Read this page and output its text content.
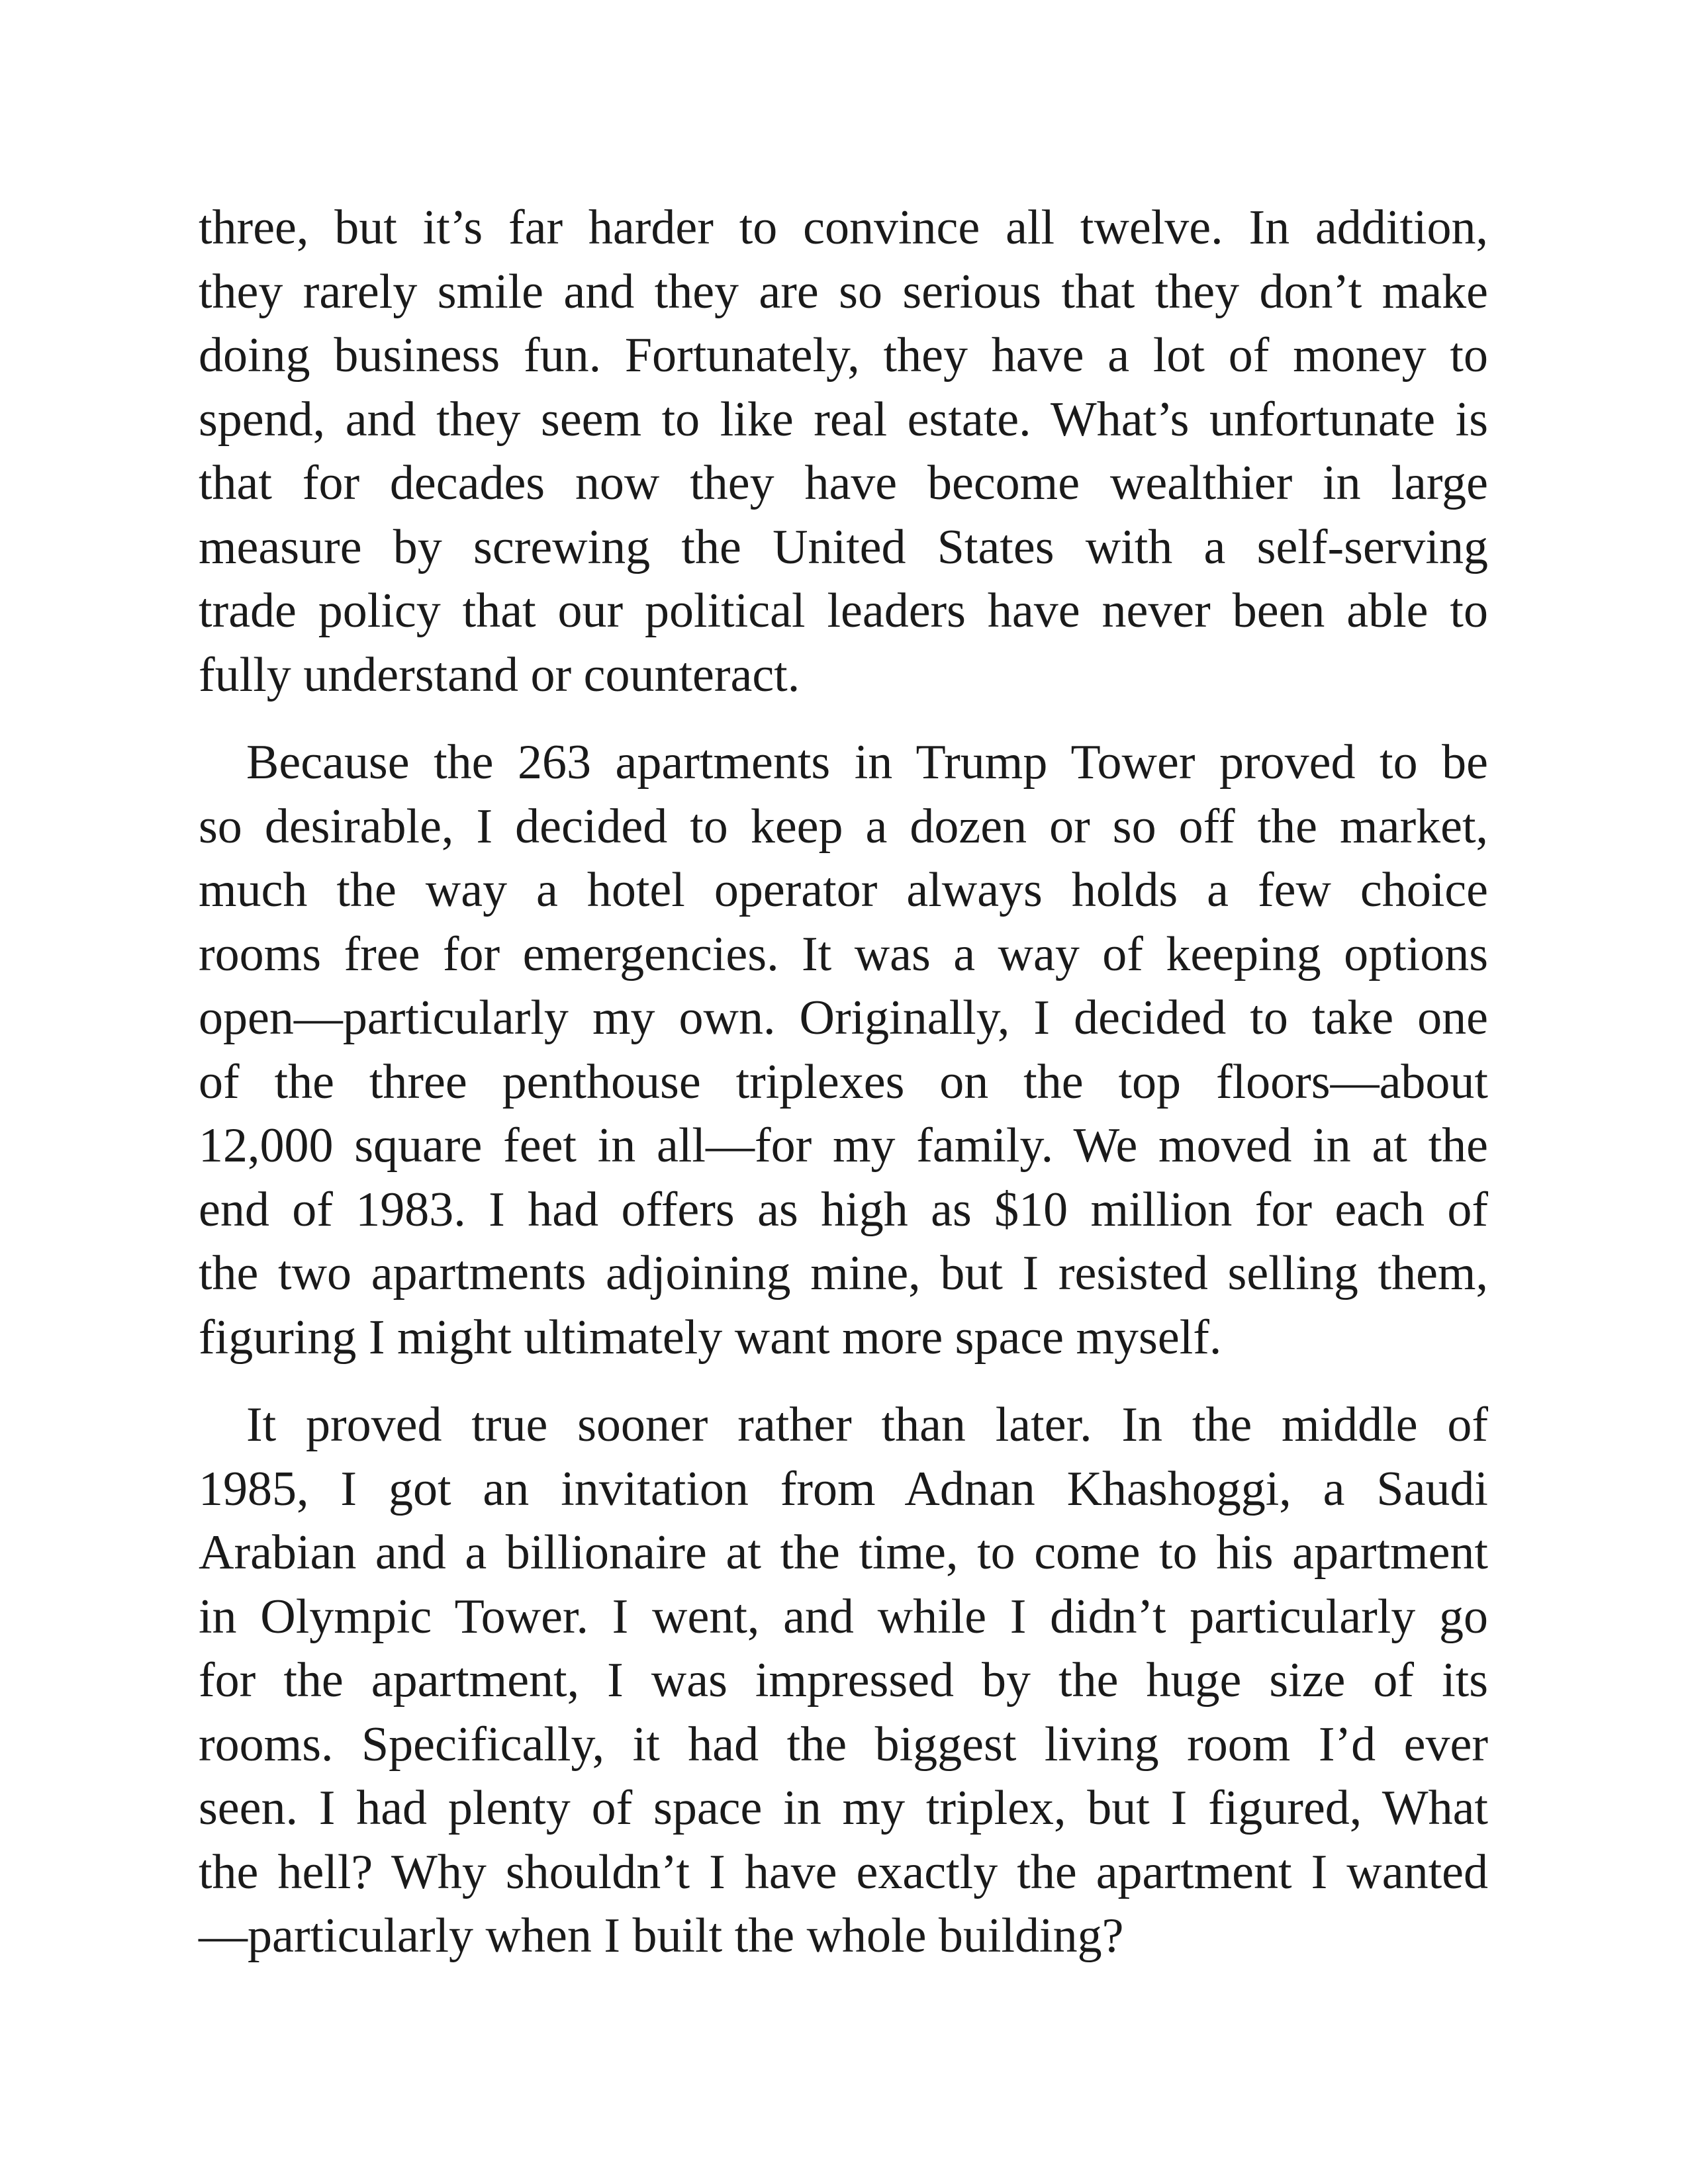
three, but it’s far harder to convince all twelve. In addition,
they rarely smile and they are so serious that they don’t make
doing business fun. Fortunately, they have a lot of money to
spend, and they seem to like real estate. What’s unfortunate is
that for decades now they have become wealthier in large
measure by screwing the United States with a self-serving
trade policy that our political leaders have never been able to
fully understand or counteract.
Because the 263 apartments in Trump Tower proved to be
so desirable, I decided to keep a dozen or so off the market,
much the way a hotel operator always holds a few choice
rooms free for emergencies. It was a way of keeping options
open—particularly my own. Originally, I decided to take one
of the three penthouse triplexes on the top floors—about
12,000 square feet in all—for my family. We moved in at the
end of 1983. I had offers as high as $10 million for each of
the two apartments adjoining mine, but I resisted selling them,
figuring I might ultimately want more space myself.
It proved true sooner rather than later. In the middle of
1985, I got an invitation from Adnan Khashoggi, a Saudi
Arabian and a billionaire at the time, to come to his apartment
in Olympic Tower. I went, and while I didn’t particularly go
for the apartment, I was impressed by the huge size of its
rooms. Specifically, it had the biggest living room I’d ever
seen. I had plenty of space in my triplex, but I figured, What
the hell? Why shouldn’t I have exactly the apartment I wanted
—particularly when I built the whole building?
